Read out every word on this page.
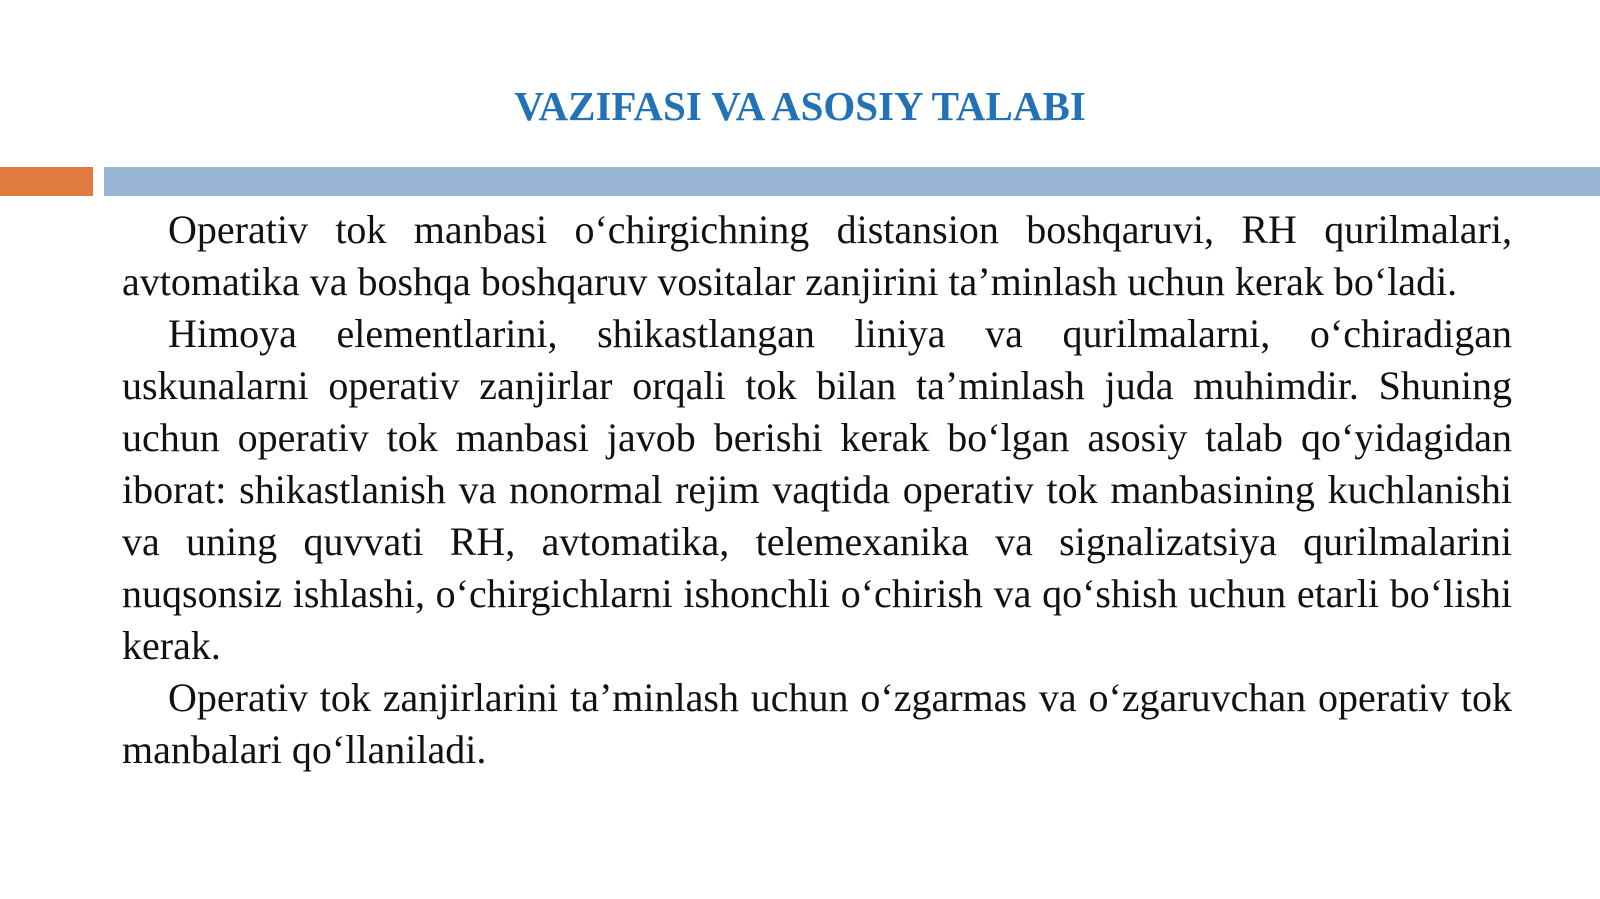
VAZIFASI VA ASOSIY TALABI

Operativ tok manbasi o‘chirgichning distansion boshqaruvi, RH qurilmalari, avtomatika va boshqa boshqaruv vositalar zanjirini ta’minlash uchun kerak bo‘ladi.

Himoya elementlarini, shikastlangan liniya va qurilmalarni, o‘chiradigan uskunalarni operativ zanjirlar orqali tok bilan ta’minlash juda muhimdir. Shuning uchun operativ tok manbasi javob berishi kerak bo‘lgan asosiy talab qo‘yidagidan iborat: shikastlanish va nonormal rejim vaqtida operativ tok manbasining kuchlanishi va uning quvvati RH, avtomatika, telemexanika va signalizatsiya qurilmalarini nuqsonsiz ishlashi, o‘chirgichlarni ishonchli o‘chirish va qo‘shish uchun etarli bo‘lishi kerak.

Operativ tok zanjirlarini ta’minlash uchun o‘zgarmas va o‘zgaruvchan operativ tok manbalari qo‘llaniladi.
